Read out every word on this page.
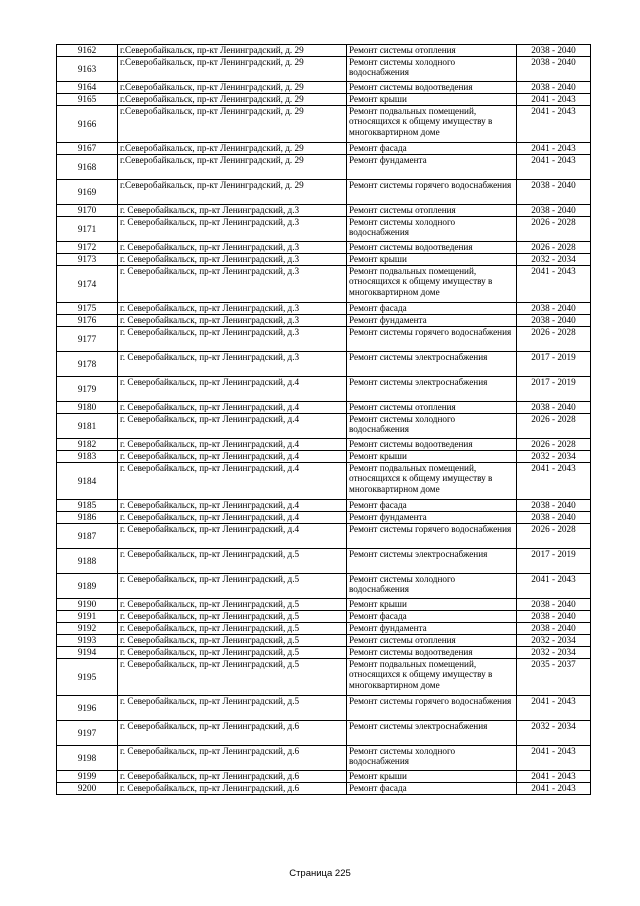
9162	г.Северобайкальск, пр-кт Ленинградский, д. 29	Ремонт системы отопления	2038 - 2040
9163	г.Северобайкальск, пр-кт Ленинградский, д. 29	Ремонт системы холодного водоснабжения	2038 - 2040
9164	г.Северобайкальск, пр-кт Ленинградский, д. 29	Ремонт системы водоотведения	2038 - 2040
9165	г.Северобайкальск, пр-кт Ленинградский, д. 29	Ремонт крыши	2041 - 2043
9166	г.Северобайкальск, пр-кт Ленинградский, д. 29	Ремонт подвальных помещений, относящихся к общему имуществу в многоквартирном доме	2041 - 2043
9167	г.Северобайкальск, пр-кт Ленинградский, д. 29	Ремонт фасада	2041 - 2043
9168	г.Северобайкальск, пр-кт Ленинградский, д. 29	Ремонт фундамента	2041 - 2043
9169	г.Северобайкальск, пр-кт Ленинградский, д. 29	Ремонт системы горячего водоснабжения	2038 - 2040
9170	г. Северобайкальск, пр-кт Ленинградский, д.3	Ремонт системы отопления	2038 - 2040
9171	г. Северобайкальск, пр-кт Ленинградский, д.3	Ремонт системы холодного водоснабжения	2026 - 2028
9172	г. Северобайкальск, пр-кт Ленинградский, д.3	Ремонт системы водоотведения	2026 - 2028
9173	г. Северобайкальск, пр-кт Ленинградский, д.3	Ремонт крыши	2032 - 2034
9174	г. Северобайкальск, пр-кт Ленинградский, д.3	Ремонт подвальных помещений, относящихся к общему имуществу в многоквартирном доме	2041 - 2043
9175	г. Северобайкальск, пр-кт Ленинградский, д.3	Ремонт фасада	2038 - 2040
9176	г. Северобайкальск, пр-кт Ленинградский, д.3	Ремонт фундамента	2038 - 2040
9177	г. Северобайкальск, пр-кт Ленинградский, д.3	Ремонт системы горячего водоснабжения	2026 - 2028
9178	г. Северобайкальск, пр-кт Ленинградский, д.3	Ремонт системы электроснабжения	2017 - 2019
9179	г. Северобайкальск, пр-кт Ленинградский, д.4	Ремонт системы электроснабжения	2017 - 2019
9180	г. Северобайкальск, пр-кт Ленинградский, д.4	Ремонт системы отопления	2038 - 2040
9181	г. Северобайкальск, пр-кт Ленинградский, д.4	Ремонт системы холодного водоснабжения	2026 - 2028
9182	г. Северобайкальск, пр-кт Ленинградский, д.4	Ремонт системы водоотведения	2026 - 2028
9183	г. Северобайкальск, пр-кт Ленинградский, д.4	Ремонт крыши	2032 - 2034
9184	г. Северобайкальск, пр-кт Ленинградский, д.4	Ремонт подвальных помещений, относящихся к общему имуществу в многоквартирном доме	2041 - 2043
9185	г. Северобайкальск, пр-кт Ленинградский, д.4	Ремонт фасада	2038 - 2040
9186	г. Северобайкальск, пр-кт Ленинградский, д.4	Ремонт фундамента	2038 - 2040
9187	г. Северобайкальск, пр-кт Ленинградский, д.4	Ремонт системы горячего водоснабжения	2026 - 2028
9188	г. Северобайкальск, пр-кт Ленинградский, д.5	Ремонт системы электроснабжения	2017 - 2019
9189	г. Северобайкальск, пр-кт Ленинградский, д.5	Ремонт системы холодного водоснабжения	2041 - 2043
9190	г. Северобайкальск, пр-кт Ленинградский, д.5	Ремонт крыши	2038 - 2040
9191	г. Северобайкальск, пр-кт Ленинградский, д.5	Ремонт фасада	2038 - 2040
9192	г. Северобайкальск, пр-кт Ленинградский, д.5	Ремонт фундамента	2038 - 2040
9193	г. Северобайкальск, пр-кт Ленинградский, д.5	Ремонт системы отопления	2032 - 2034
9194	г. Северобайкальск, пр-кт Ленинградский, д.5	Ремонт системы водоотведения	2032 - 2034
9195	г. Северобайкальск, пр-кт Ленинградский, д.5	Ремонт подвальных помещений, относящихся к общему имуществу в многоквартирном доме	2035 - 2037
9196	г. Северобайкальск, пр-кт Ленинградский, д.5	Ремонт системы горячего водоснабжения	2041 - 2043
9197	г. Северобайкальск, пр-кт Ленинградский, д.6	Ремонт системы электроснабжения	2032 - 2034
9198	г. Северобайкальск, пр-кт Ленинградский, д.6	Ремонт системы холодного водоснабжения	2041 - 2043
9199	г. Северобайкальск, пр-кт Ленинградский, д.6	Ремонт крыши	2041 - 2043
9200	г. Северобайкальск, пр-кт Ленинградский, д.6	Ремонт фасада	2041 - 2043
Страница 225
